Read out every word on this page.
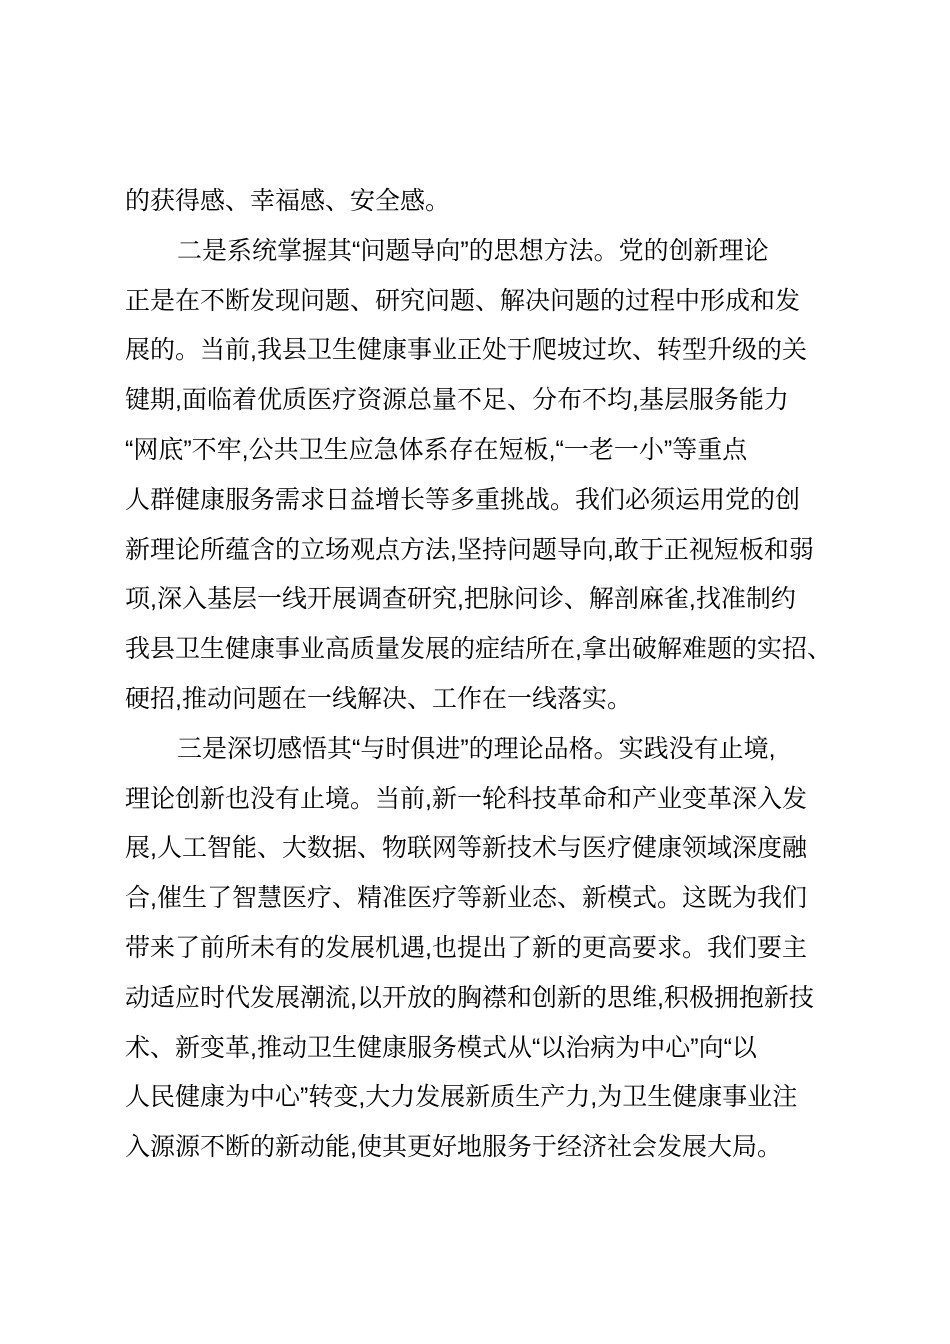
的获得感、幸福感、安全感。
二是系统掌握其“问题导向”的思想方法。党的创新理论
正是在不断发现问题、研究问题、解决问题的过程中形成和发
展的。当前,我县卫生健康事业正处于爬坡过坎、转型升级的关
键期,面临着优质医疗资源总量不足、分布不均,基层服务能力
“网底”不牢,公共卫生应急体系存在短板,“一老一小”等重点
人群健康服务需求日益增长等多重挑战。我们必须运用党的创
新理论所蕴含的立场观点方法,坚持问题导向,敢于正视短板和弱
项,深入基层一线开展调查研究,把脉问诊、解剖麻雀,找准制约
我县卫生健康事业高质量发展的症结所在,拿出破解难题的实招、
硬招,推动问题在一线解决、工作在一线落实。
三是深切感悟其“与时俱进”的理论品格。实践没有止境,
理论创新也没有止境。当前,新一轮科技革命和产业变革深入发
展,人工智能、大数据、物联网等新技术与医疗健康领域深度融
合,催生了智慧医疗、精准医疗等新业态、新模式。这既为我们
带来了前所未有的发展机遇,也提出了新的更高要求。我们要主
动适应时代发展潮流,以开放的胸襟和创新的思维,积极拥抱新技
术、新变革,推动卫生健康服务模式从“以治病为中心”向“以
人民健康为中心”转变,大力发展新质生产力,为卫生健康事业注
入源源不断的新动能,使其更好地服务于经济社会发展大局。
